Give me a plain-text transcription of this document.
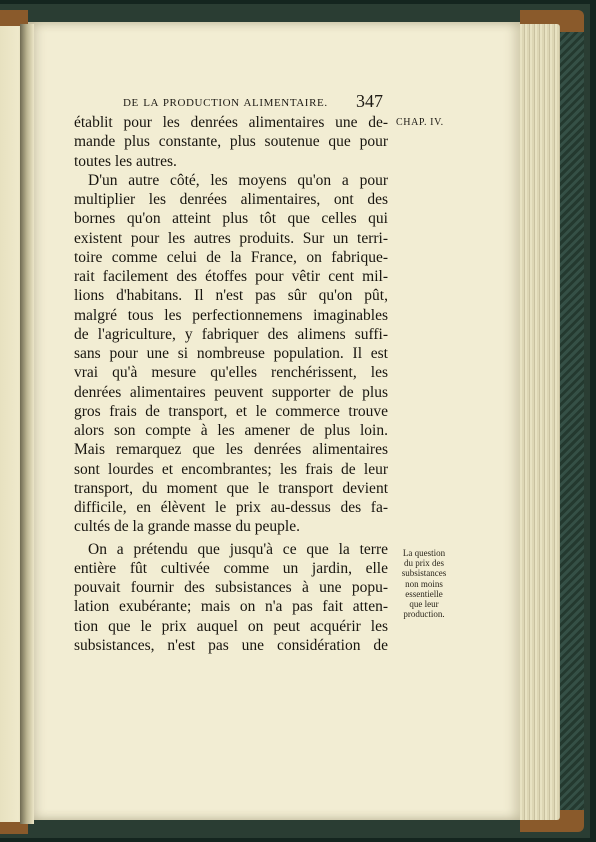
DE LA PRODUCTION ALIMENTAIRE. 347
CHAP. IV.
établit pour les denrées alimentaires une de-
mande plus constante, plus soutenue que pour
toutes les autres.
D'un autre côté, les moyens qu'on a pour
multiplier les denrées alimentaires, ont des
bornes qu'on atteint plus tôt que celles qui
existent pour les autres produits. Sur un terri-
toire comme celui de la France, on fabrique-
rait facilement des étoffes pour vêtir cent mil-
lions d'habitans. Il n'est pas sûr qu'on pût,
malgré tous les perfectionnemens imaginables
de l'agriculture, y fabriquer des alimens suffi-
sans pour une si nombreuse population. Il est
vrai qu'à mesure qu'elles renchérissent, les
denrées alimentaires peuvent supporter de plus
gros frais de transport, et le commerce trouve
alors son compte à les amener de plus loin.
Mais remarquez que les denrées alimentaires
sont lourdes et encombrantes; les frais de leur
transport, du moment que le transport devient
difficile, en élèvent le prix au-dessus des fa-
cultés de la grande masse du peuple.
On a prétendu que jusqu'à ce que la terre
entière fût cultivée comme un jardin, elle
pouvait fournir des subsistances à une popu-
lation exubérante; mais on n'a pas fait atten-
tion que le prix auquel on peut acquérir les
subsistances, n'est pas une considération de
La question
du prix des
subsistances
non moins
essentielle
que leur
production.
